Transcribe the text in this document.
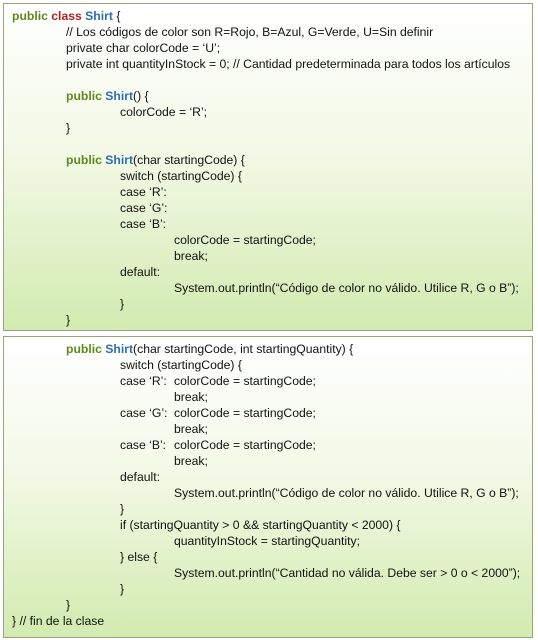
public class Shirt {
// Los códigos de color son R=Rojo, B=Azul, G=Verde, U=Sin definir
private char colorCode = ‘U’;
private int quantityInStock = 0; // Cantidad predeterminada para todos los artículos
public Shirt() {
colorCode = ‘R’;
}
public Shirt(char startingCode) {
switch (startingCode) {
case ‘R’:
case ‘G’:
case ‘B’:
colorCode = startingCode;
break;
default:
System.out.println(“Código de color no válido. Utilice R, G o B”);
}
}
public Shirt(char startingCode, int startingQuantity) {
switch (startingCode) {
case ‘R’: colorCode = startingCode;
break;
case ‘G’: colorCode = startingCode;
break;
case ‘B’: colorCode = startingCode;
break;
default:
System.out.println(“Código de color no válido. Utilice R, G o B”);
}
if (startingQuantity > 0 && startingQuantity < 2000) {
quantityInStock = startingQuantity;
} else {
System.out.println(“Cantidad no válida. Debe ser > 0 o < 2000”);
}
}
} // fin de la clase
